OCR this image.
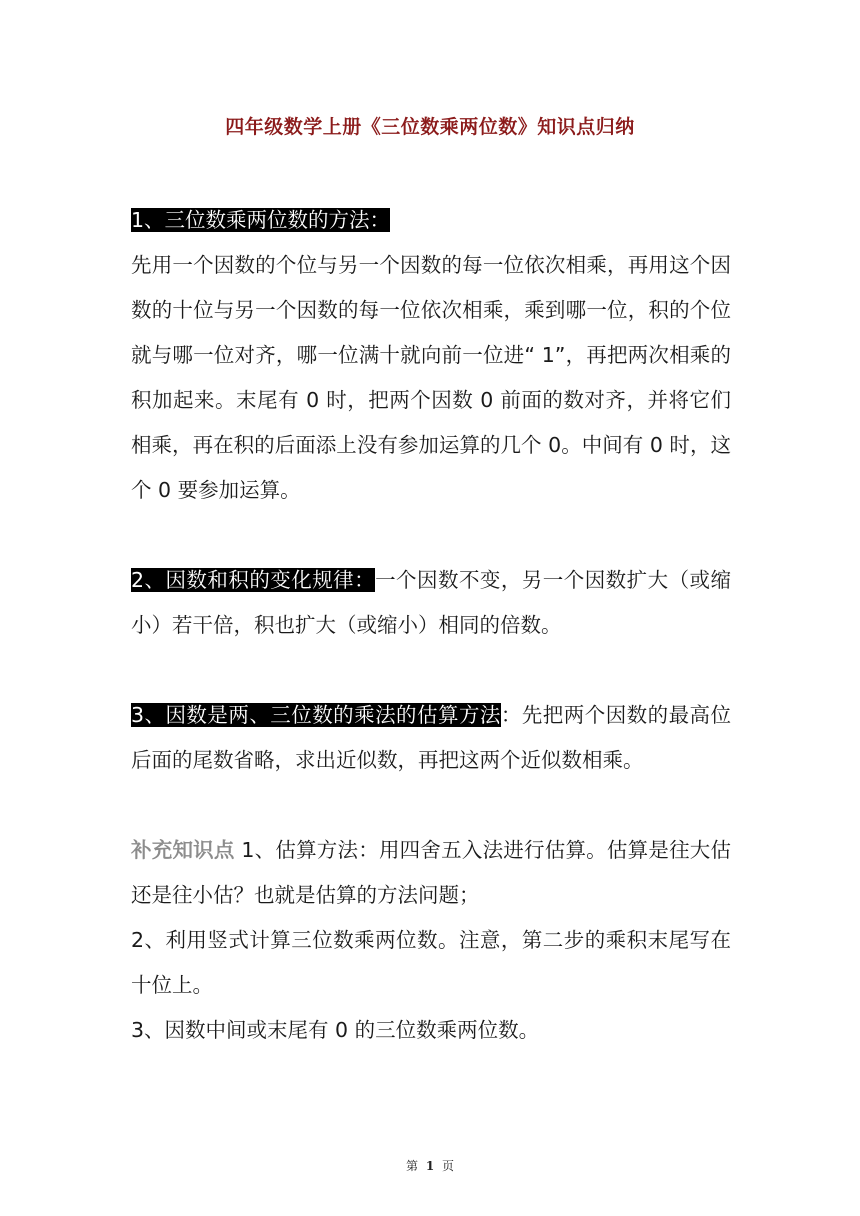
四年级数学上册《三位数乘两位数》知识点归纳

1、三位数乘两位数的方法：

先用一个因数的个位与另一个因数的每一位依次相乘，再用这个因数的十位与另一个因数的每一位依次相乘，乘到哪一位，积的个位就与哪一位对齐，哪一位满十就向前一位进“ 1”，再把两次相乘的积加起来。末尾有 0 时，把两个因数 0 前面的数对齐，并将它们相乘，再在积的后面添上没有参加运算的几个 0。中间有 0 时，这个 0 要参加运算。

2、因数和积的变化规律：一个因数不变，另一个因数扩大（或缩小）若干倍，积也扩大（或缩小）相同的倍数。

3、因数是两、三位数的乘法的估算方法：先把两个因数的最高位后面的尾数省略，求出近似数，再把这两个近似数相乘。

补充知识点 1、估算方法：用四舍五入法进行估算。估算是往大估还是往小估？也就是估算的方法问题；

2、利用竖式计算三位数乘两位数。注意，第二步的乘积末尾写在十位上。

3、因数中间或末尾有 0 的三位数乘两位数。

第 1 页
